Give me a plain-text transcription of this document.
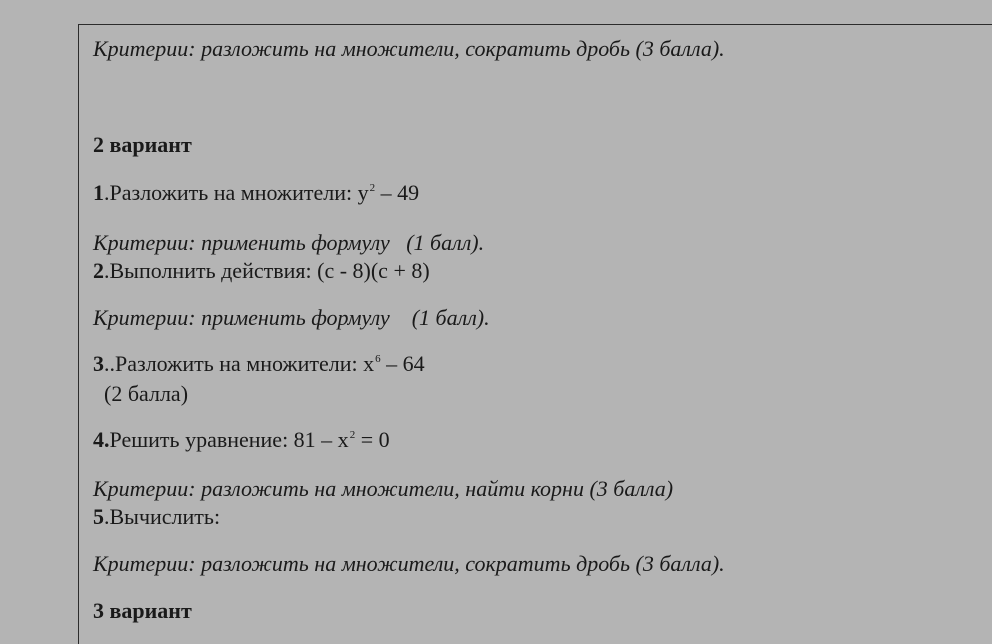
Критерии: разложить на множители, сократить дробь (3 балла).
2 вариант
1.Разложить на множители: $y^2 - 49$
Критерии: применить формулу   (1 балл).
2.Выполнить действия: (c - 8)(c + 8)
Критерии: применить формулу    (1 балл).
3..Разложить на множители: $x^6 - 64$
(2 балла)
4.Решить уравнение: $81 - x^2 = 0$
Критерии: разложить на множители, найти корни (3 балла)
5.Вычислить:
Критерии: разложить на множители, сократить дробь (3 балла).
3 вариант
